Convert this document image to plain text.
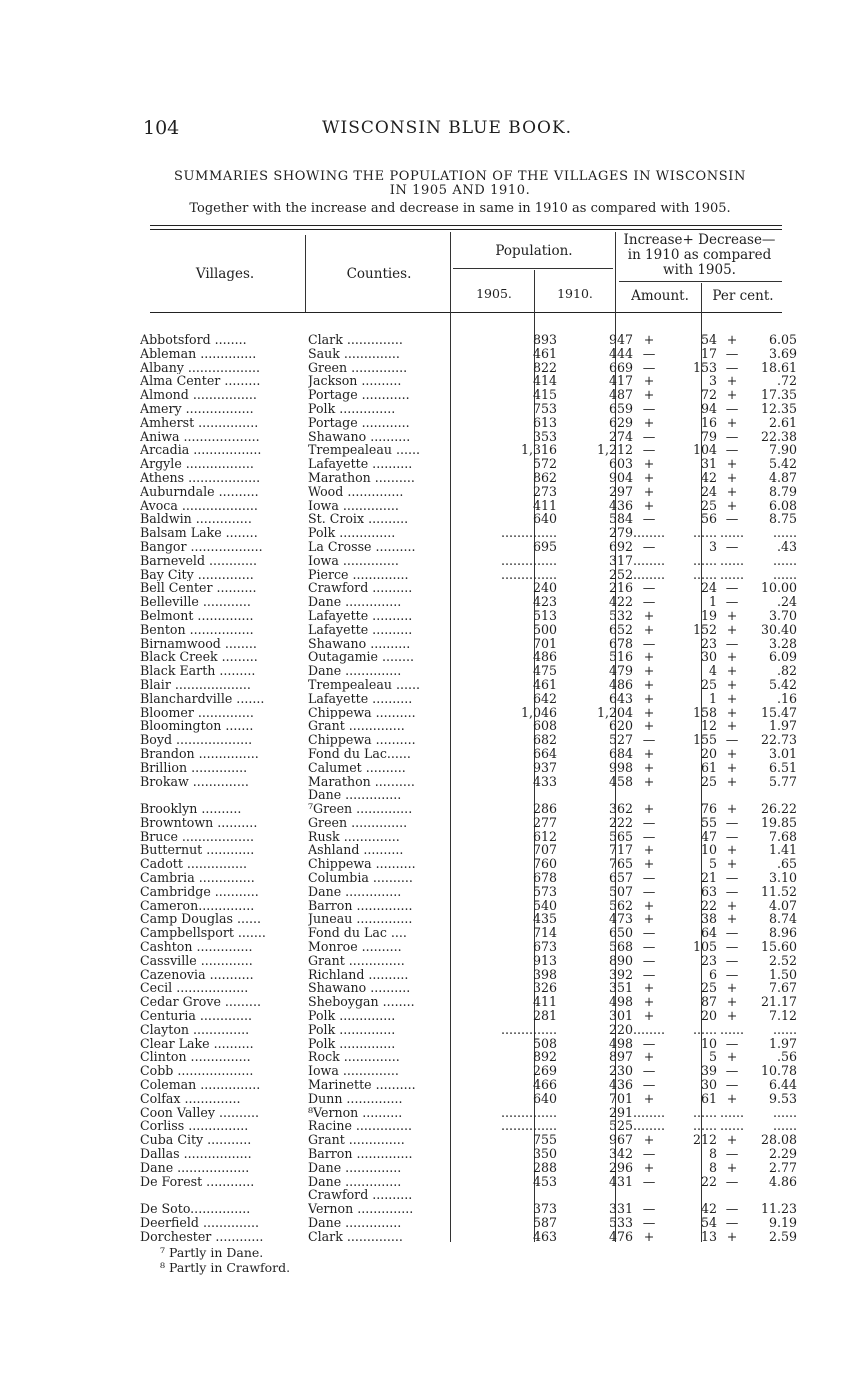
104	WISCONSIN BLUE BOOK.
SUMMARIES SHOWING THE POPULATION OF THE VILLAGES IN WISCONSIN
IN 1905 AND 1910.
Together with the increase and decrease in same in 1910 as compared with 1905.
Villages.	Counties.
Population.
1905.	1910.
Increase+ Decrease—
in 1910 as compared
with 1905.
Amount.	Per cent.
Abbotsford ........	Clark ..............	893	947	+	54	+	6.05
Ableman ..............	Sauk ..............	461	444	—	17	—	3.69
Albany ..................	Green ..............	822	669	—	153	—	18.61
Alma Center .........	Jackson ..........	414	417	+	3	+	.72
Almond ................	Portage ............	415	487	+	72	+	17.35
Amery .................	Polk ..............	753	659	—	94	—	12.35
Amherst ...............	Portage ............	613	629	+	16	+	2.61
Aniwa ...................	Shawano ..........	353	274	—	79	—	22.38
Arcadia .................	Trempealeau ......	1,316	1,212	—	104	—	7.90
Argyle .................	Lafayette ..........	572	603	+	31	+	5.42
Athens ..................	Marathon ..........	862	904	+	42	+	4.87
Auburndale ..........	Wood ..............	273	297	+	24	+	8.79
Avoca ...................	Iowa ..............	411	436	+	25	+	6.08
Baldwin ..............	St. Croix ..........	640	584	—	56	—	8.75
Balsam Lake ........	Polk ..............	..............	279	........	......	......	......
Bangor ..................	La Crosse ..........	695	692	—	3	—	.43
Barneveld ............	Iowa ..............	..............	317	........	......	......	......
Bay City ..............	Pierce ..............	..............	252	........	......	......	......
Bell Center ..........	Crawford ..........	240	216	—	24	—	10.00
Belleville ............	Dane ..............	423	422	—	1	—	.24
Belmont ..............	Lafayette ..........	513	532	+	19	+	3.70
Benton ................	Lafayette ..........	500	652	+	152	+	30.40
Birnamwood ........	Shawano ..........	701	678	—	23	—	3.28
Black Creek .........	Outagamie ........	486	516	+	30	+	6.09
Black Earth .........	Dane ..............	475	479	+	4	+	.82
Blair ...................	Trempealeau ......	461	486	+	25	+	5.42
Blanchardville .......	Lafayette ..........	642	643	+	1	+	.16
Bloomer ..............	Chippewa ..........	1,046	1,204	+	158	+	15.47
Bloomington .......	Grant ..............	608	620	+	12	+	1.97
Boyd ...................	Chippewa ..........	682	527	—	155	—	22.73
Brandon ...............	Fond du Lac......	664	684	+	20	+	3.01
Brillion ..............	Calumet ..........	937	998	+	61	+	6.51
Brokaw ..............	Marathon ..........	433	458	+	25	+	5.77
	Dane ..............						
Brooklyn ..........	⁷Green ..............	286	362	+	76	+	26.22
Browntown ..........	Green ..............	277	222	—	55	—	19.85
Bruce ..................	Rusk ..............	612	565	—	47	—	7.68
Butternut ............	Ashland ..........	707	717	+	10	+	1.41
Cadott ...............	Chippewa ..........	760	765	+	5	+	.65
Cambria ..............	Columbia ..........	678	657	—	21	—	3.10
Cambridge ...........	Dane ..............	573	507	—	63	—	11.52
Cameron..............	Barron ..............	540	562	+	22	+	4.07
Camp Douglas ......	Juneau ..............	435	473	+	38	+	8.74
Campbellsport .......	Fond du Lac ....	714	650	—	64	—	8.96
Cashton ..............	Monroe ..........	673	568	—	105	—	15.60
Cassville .............	Grant ..............	913	890	—	23	—	2.52
Cazenovia ...........	Richland ..........	398	392	—	6	—	1.50
Cecil ..................	Shawano ..........	326	351	+	25	+	7.67
Cedar Grove .........	Sheboygan ........	411	498	+	87	+	21.17
Centuria .............	Polk ..............	281	301	+	20	+	7.12
Clayton ..............	Polk ..............	..............	220	........	......	......	......
Clear Lake ..........	Polk ..............	508	498	—	10	—	1.97
Clinton ...............	Rock ..............	892	897	+	5	+	.56
Cobb ...................	Iowa ..............	269	230	—	39	—	10.78
Coleman ...............	Marinette ..........	466	436	—	30	—	6.44
Colfax ..............	Dunn ..............	640	701	+	61	+	9.53
Coon Valley ..........	⁸Vernon ..........	..............	291	........	......	......	......
Corliss ...............	Racine ..............	..............	525	........	......	......	......
Cuba City ...........	Grant ..............	755	967	+	212	+	28.08
Dallas .................	Barron ..............	350	342	—	8	—	2.29
Dane ..................	Dane ..............	288	296	+	8	+	2.77
De Forest ............	Dane ..............	453	431	—	22	—	4.86
	Crawford ..........						
De Soto...............	Vernon ..............	373	331	—	42	—	11.23
Deerfield ..............	Dane ..............	587	533	—	54	—	9.19
Dorchester ............	Clark ..............	463	476	+	13	+	2.59
⁷ Partly in Dane.
⁸ Partly in Crawford.
